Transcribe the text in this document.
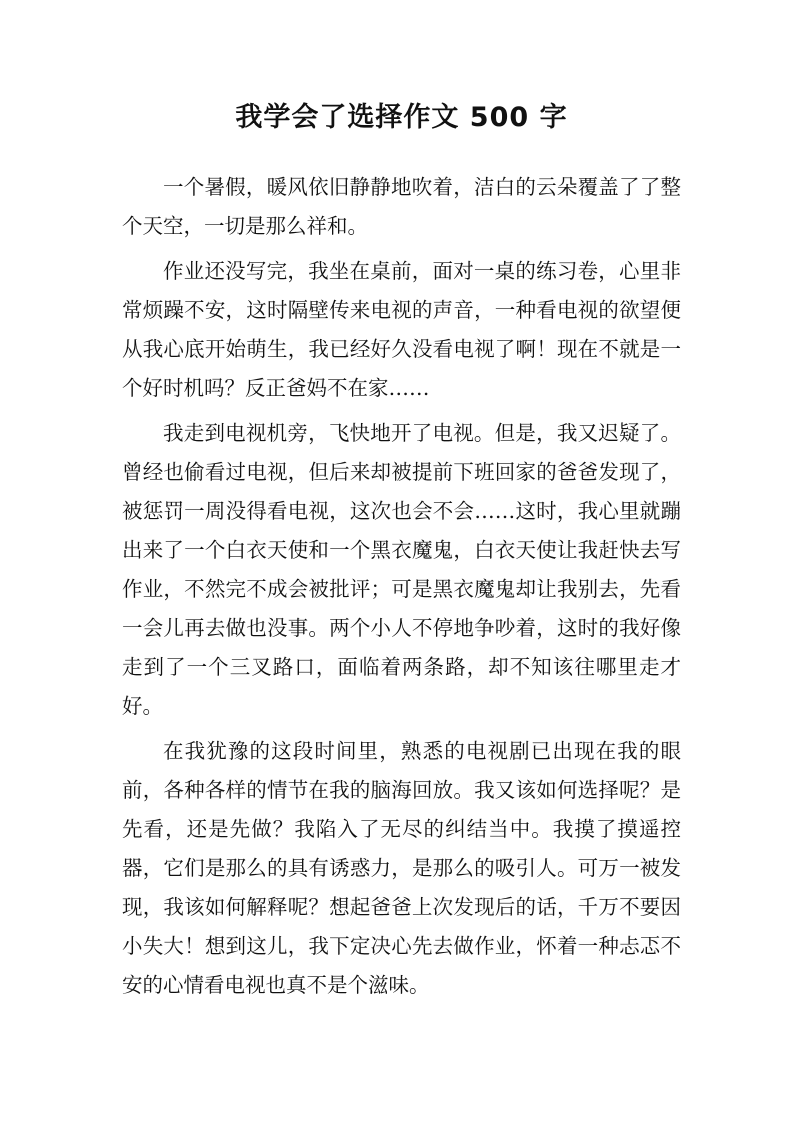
我学会了选择作文 500 字

一个暑假，暖风依旧静静地吹着，洁白的云朵覆盖了了整个天空，一切是那么祥和。

作业还没写完，我坐在桌前，面对一桌的练习卷，心里非常烦躁不安，这时隔壁传来电视的声音，一种看电视的欲望便从我心底开始萌生，我已经好久没看电视了啊！现在不就是一个好时机吗？反正爸妈不在家……

我走到电视机旁，飞快地开了电视。但是，我又迟疑了。曾经也偷看过电视，但后来却被提前下班回家的爸爸发现了，被惩罚一周没得看电视，这次也会不会……这时，我心里就蹦出来了一个白衣天使和一个黑衣魔鬼，白衣天使让我赶快去写作业，不然完不成会被批评；可是黑衣魔鬼却让我别去，先看一会儿再去做也没事。两个小人不停地争吵着，这时的我好像走到了一个三叉路口，面临着两条路，却不知该往哪里走才好。

在我犹豫的这段时间里，熟悉的电视剧已出现在我的眼前，各种各样的情节在我的脑海回放。我又该如何选择呢？是先看，还是先做？我陷入了无尽的纠结当中。我摸了摸遥控器，它们是那么的具有诱惑力，是那么的吸引人。可万一被发现，我该如何解释呢？想起爸爸上次发现后的话，千万不要因小失大！想到这儿，我下定决心先去做作业，怀着一种忐忑不安的心情看电视也真不是个滋味。
